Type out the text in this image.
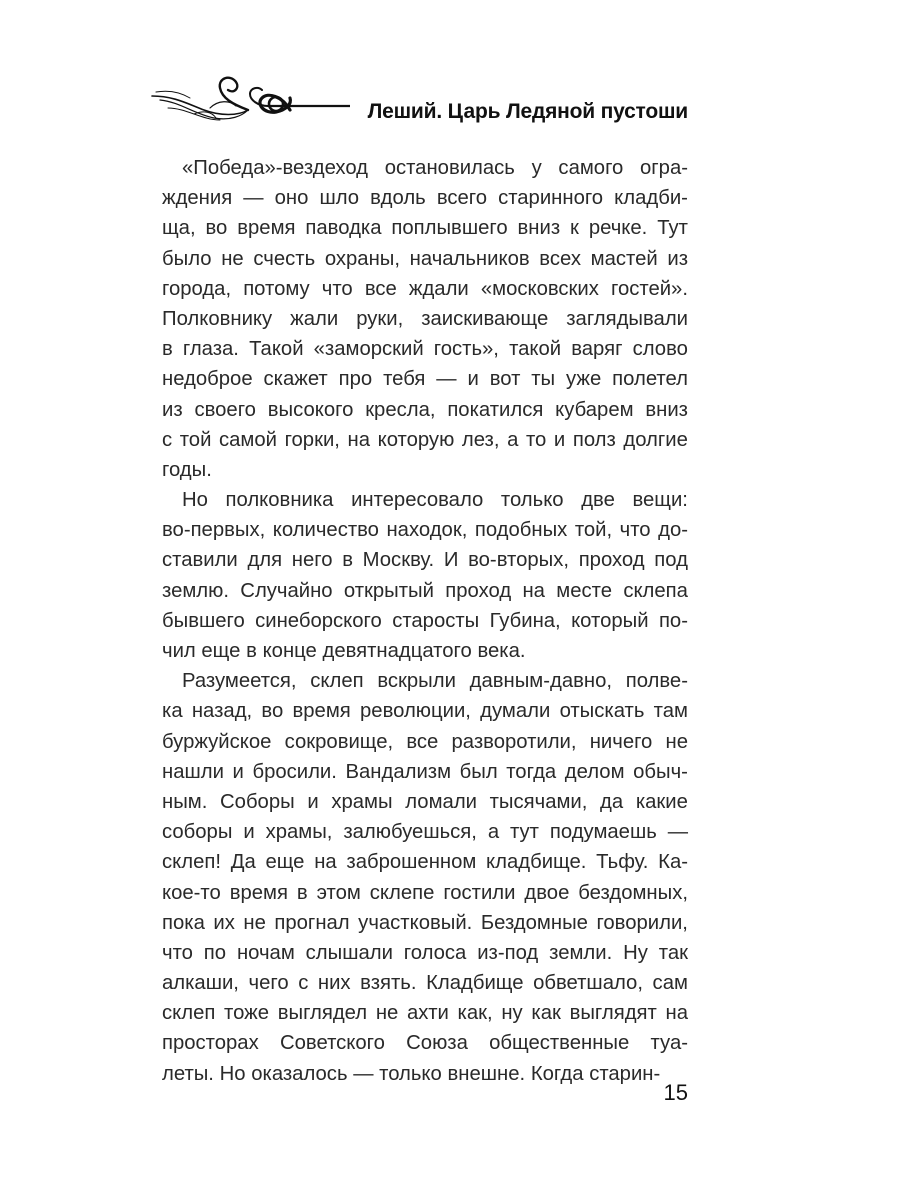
Леший. Царь Ледяной пустоши
«Победа»-вездеход остановилась у самого огра-
ждения — оно шло вдоль всего старинного кладби-
ща, во время паводка поплывшего вниз к речке. Тут
было не счесть охраны, начальников всех мастей из
города, потому что все ждали «московских гостей».
Полковнику жали руки, заискивающе заглядывали
в глаза. Такой «заморский гость», такой варяг слово
недоброе скажет про тебя — и вот ты уже полетел
из своего высокого кресла, покатился кубарем вниз
с той самой горки, на которую лез, а то и полз долгие
годы.
Но полковника интересовало только две вещи:
во-первых, количество находок, подобных той, что до-
ставили для него в Москву. И во-вторых, проход под
землю. Случайно открытый проход на месте склепа
бывшего синеборского старосты Губина, который по-
чил еще в конце девятнадцатого века.
Разумеется, склеп вскрыли давным-давно, полве-
ка назад, во время революции, думали отыскать там
буржуйское сокровище, все разворотили, ничего не
нашли и бросили. Вандализм был тогда делом обыч-
ным. Соборы и храмы ломали тысячами, да какие
соборы и храмы, залюбуешься, а тут подумаешь —
склеп! Да еще на заброшенном кладбище. Тьфу. Ка-
кое-то время в этом склепе гостили двое бездомных,
пока их не прогнал участковый. Бездомные говорили,
что по ночам слышали голоса из-под земли. Ну так
алкаши, чего с них взять. Кладбище обветшало, сам
склеп тоже выглядел не ахти как, ну как выглядят на
просторах Советского Союза общественные туа-
леты. Но оказалось — только внешне. Когда старин-
15
